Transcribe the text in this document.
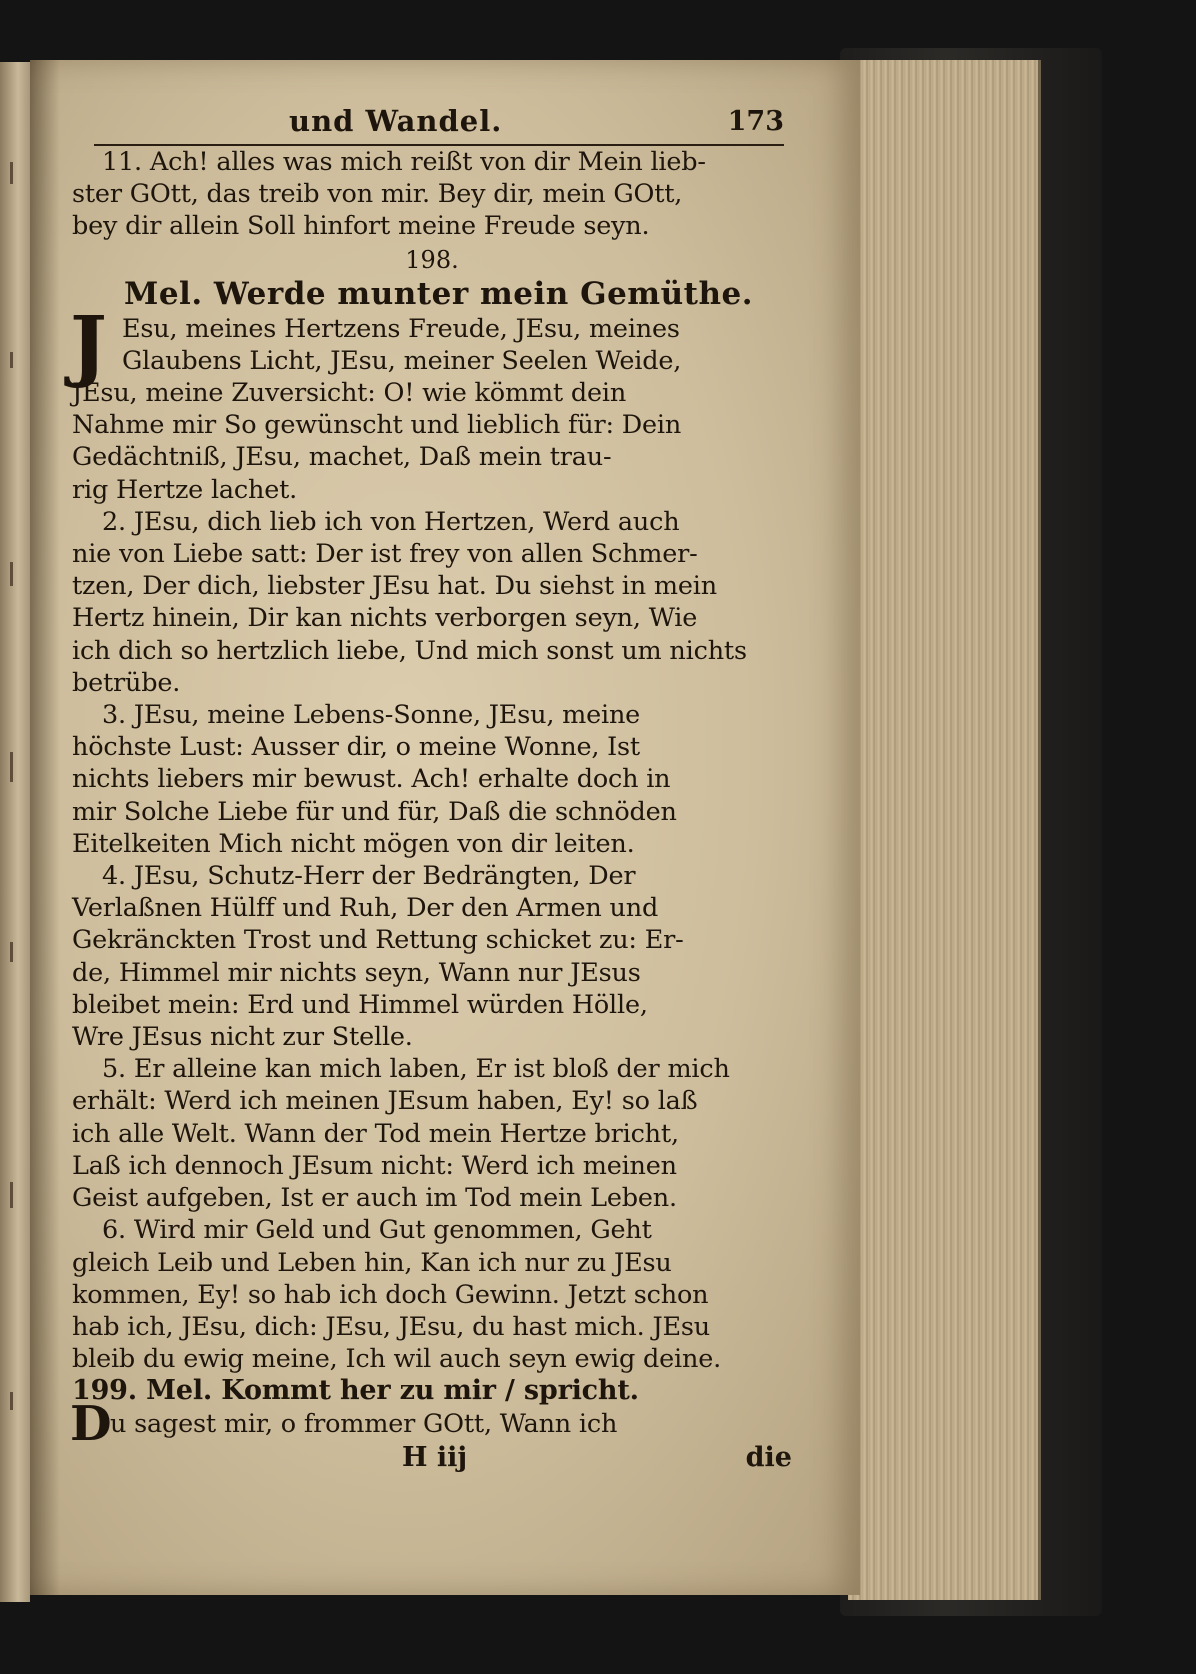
und Wandel.	173
11. Ach! alles was mich reißt von dir Mein lieb-
ster GOtt, das treib von mir. Bey dir, mein GOtt,
bey dir allein Soll hinfort meine Freude seyn.
198.
Mel. Werde munter mein Gemüthe.
J Esu, meines Hertzens Freude, JEsu, meines
Glaubens Licht, JEsu, meiner Seelen Weide,
JEsu, meine Zuversicht: O! wie kömmt dein
Nahme mir So gewünscht und lieblich für: Dein
Gedächtniß, JEsu, machet, Daß mein trau-
rig Hertze lachet.
2. JEsu, dich lieb ich von Hertzen, Werd auch
nie von Liebe satt: Der ist frey von allen Schmer-
tzen, Der dich, liebster JEsu hat. Du siehst in mein
Hertz hinein, Dir kan nichts verborgen seyn, Wie
ich dich so hertzlich liebe, Und mich sonst um nichts
betrübe.
3. JEsu, meine Lebens-Sonne, JEsu, meine
höchste Lust: Ausser dir, o meine Wonne, Ist
nichts liebers mir bewust. Ach! erhalte doch in
mir Solche Liebe für und für, Daß die schnöden
Eitelkeiten Mich nicht mögen von dir leiten.
4. JEsu, Schutz-Herr der Bedrängten, Der
Verlaßnen Hülff und Ruh, Der den Armen und
Gekränckten Trost und Rettung schicket zu: Er-
de, Himmel mir nichts seyn, Wann nur JEsus
bleibet mein: Erd und Himmel würden Hölle,
Wre JEsus nicht zur Stelle.
5. Er alleine kan mich laben, Er ist bloß der mich
erhält: Werd ich meinen JEsum haben, Ey! so laß
ich alle Welt. Wann der Tod mein Hertze bricht,
Laß ich dennoch JEsum nicht: Werd ich meinen
Geist aufgeben, Ist er auch im Tod mein Leben.
6. Wird mir Geld und Gut genommen, Geht
gleich Leib und Leben hin, Kan ich nur zu JEsu
kommen, Ey! so hab ich doch Gewinn. Jetzt schon
hab ich, JEsu, dich: JEsu, JEsu, du hast mich. JEsu
bleib du ewig meine, Ich wil auch seyn ewig deine.
199. Mel. Kommt her zu mir / spricht.
D
u sagest mir, o frommer GOtt, Wann ich
H iij	die
